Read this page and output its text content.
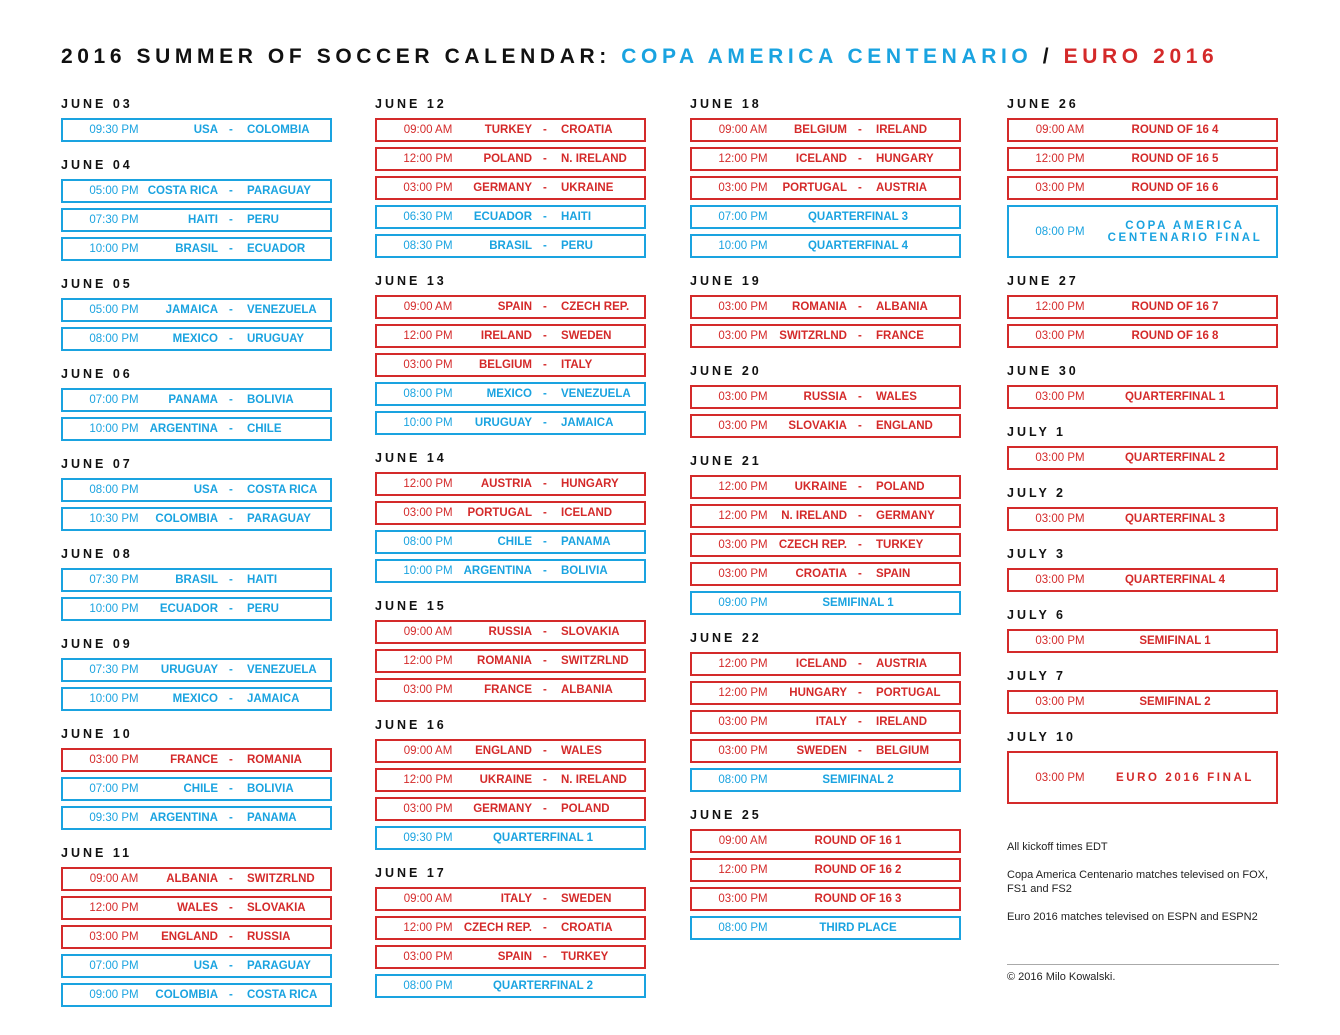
2016 SUMMER OF SOCCER CALENDAR: COPA AMERICA CENTENARIO / EURO 2016
JUNE 03
09:30 PM	USA - COLOMBIA
JUNE 04
05:00 PM COSTA RICA - PARAGUAY
07:30 PM	HAITI - PERU
10:00 PM	BRASIL - ECUADOR
JUNE 05
05:00 PM	JAMAICA - VENEZUELA
08:00 PM	MEXICO - URUGUAY
JUNE 06
07:00 PM	PANAMA - BOLIVIA
10:00 PM ARGENTINA - CHILE
JUNE 07
08:00 PM	USA - COSTA RICA
10:30 PM	COLOMBIA - PARAGUAY
JUNE 08
07:30 PM	BRASIL - HAITI
10:00 PM	ECUADOR - PERU
JUNE 09
07:30 PM	URUGUAY - VENEZUELA
10:00 PM	MEXICO - JAMAICA
JUNE 10
03:00 PM	FRANCE - ROMANIA
07:00 PM	CHILE - BOLIVIA
09:30 PM ARGENTINA - PANAMA
JUNE 11
09:00 AM	ALBANIA - SWITZRLND
12:00 PM	WALES - SLOVAKIA
03:00 PM	ENGLAND - RUSSIA
07:00 PM	USA - PARAGUAY
09:00 PM	COLOMBIA - COSTA RICA
JUNE 12
09:00 AM	TURKEY - CROATIA
12:00 PM	POLAND - N. IRELAND
03:00 PM	GERMANY - UKRAINE
06:30 PM	ECUADOR - HAITI
08:30 PM	BRASIL - PERU
JUNE 13
09:00 AM	SPAIN - CZECH REP.
12:00 PM	IRELAND - SWEDEN
03:00 PM	BELGIUM - ITALY
08:00 PM	MEXICO - VENEZUELA
10:00 PM	URUGUAY - JAMAICA
JUNE 14
12:00 PM	AUSTRIA - HUNGARY
03:00 PM	PORTUGAL - ICELAND
08:00 PM	CHILE - PANAMA
10:00 PM ARGENTINA - BOLIVIA
JUNE 15
09:00 AM	RUSSIA - SLOVAKIA
12:00 PM	ROMANIA - SWITZRLND
03:00 PM	FRANCE - ALBANIA
JUNE 16
09:00 AM	ENGLAND - WALES
12:00 PM	UKRAINE - N. IRELAND
03:00 PM	GERMANY - POLAND
09:30 PM	QUARTERFINAL 1
JUNE 17
09:00 AM	ITALY - SWEDEN
12:00 PM CZECH REP. - CROATIA
03:00 PM	SPAIN - TURKEY
08:00 PM	QUARTERFINAL 2
JUNE 18
09:00 AM	BELGIUM - IRELAND
12:00 PM	ICELAND - HUNGARY
03:00 PM	PORTUGAL - AUSTRIA
07:00 PM	QUARTERFINAL 3
10:00 PM	QUARTERFINAL 4
JUNE 19
03:00 PM	ROMANIA - ALBANIA
03:00 PM	SWITZRLND - FRANCE
JUNE 20
03:00 PM	RUSSIA - WALES
03:00 PM	SLOVAKIA - ENGLAND
JUNE 21
12:00 PM	UKRAINE - POLAND
12:00 PM	N. IRELAND - GERMANY
03:00 PM CZECH REP. - TURKEY
03:00 PM	CROATIA - SPAIN
09:00 PM	SEMIFINAL 1
JUNE 22
12:00 PM	ICELAND - AUSTRIA
12:00 PM	HUNGARY - PORTUGAL
03:00 PM	ITALY - IRELAND
03:00 PM	SWEDEN - BELGIUM
08:00 PM	SEMIFINAL 2
JUNE 25
09:00 AM	ROUND OF 16 1
12:00 PM	ROUND OF 16 2
03:00 PM	ROUND OF 16 3
08:00 PM	THIRD PLACE
JUNE 26
09:00 AM	ROUND OF 16 4
12:00 PM	ROUND OF 16 5
03:00 PM	ROUND OF 16 6
08:00 PM	COPA AMERICA
CENTENARIO FINAL
JUNE 27
12:00 PM	ROUND OF 16 7
03:00 PM	ROUND OF 16 8
JUNE 30
03:00 PM	QUARTERFINAL 1
JULY 1
03:00 PM	QUARTERFINAL 2
JULY 2
03:00 PM	QUARTERFINAL 3
JULY 3
03:00 PM	QUARTERFINAL 4
JULY 6
03:00 PM	SEMIFINAL 1
JULY 7
03:00 PM	SEMIFINAL 2
JULY 10
03:00 PM	EURO 2016 FINAL

All kickoff times EDT

Copa America Centenario matches televised on FOX, FS1 and FS2

Euro 2016 matches televised on ESPN and ESPN2

© 2016 Milo Kowalski.
